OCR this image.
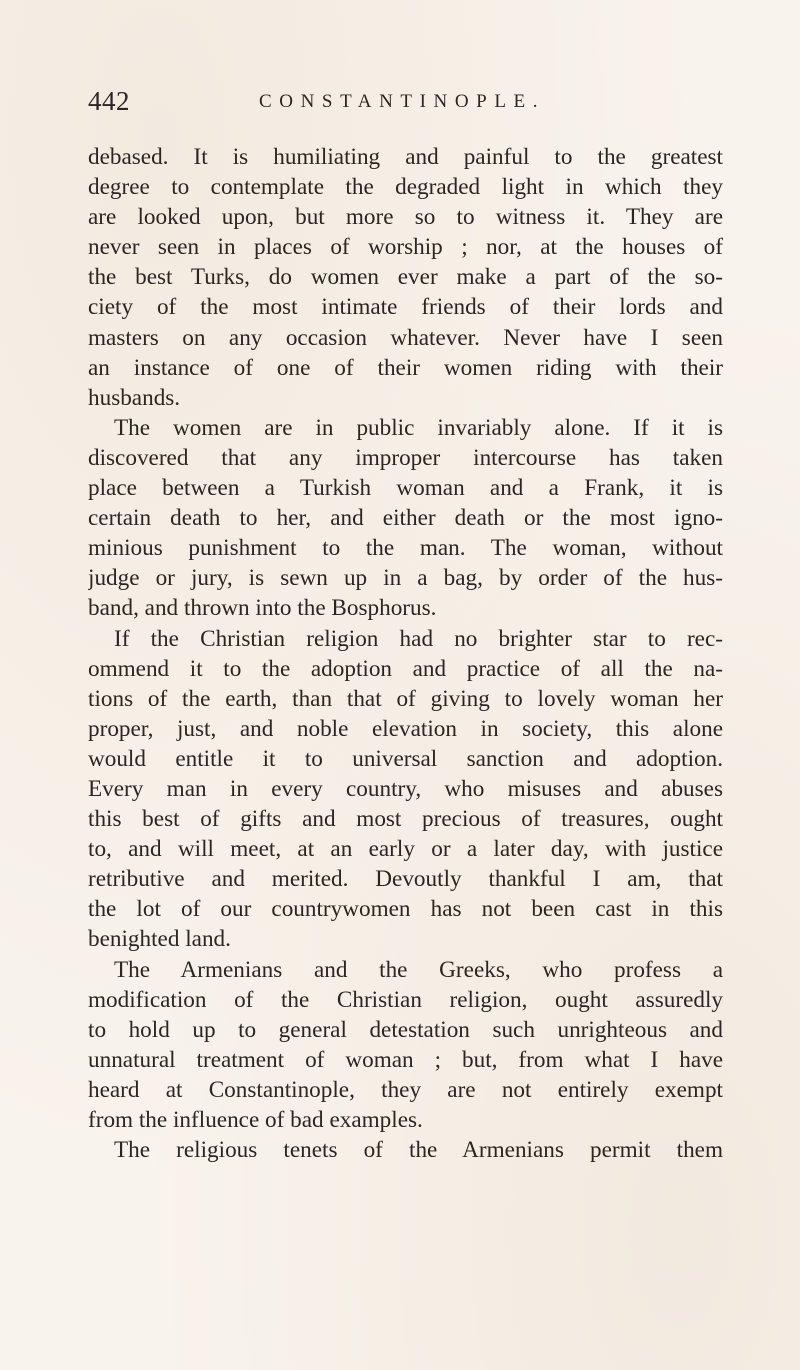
442	CONSTANTINOPLE.
debased. It is humiliating and painful to the greatest
degree to contemplate the degraded light in which they
are looked upon, but more so to witness it. They are
never seen in places of worship ; nor, at the houses of
the best Turks, do women ever make a part of the so-
ciety of the most intimate friends of their lords and
masters on any occasion whatever. Never have I seen
an instance of one of their women riding with their
husbands.
The women are in public invariably alone. If it is
discovered that any improper intercourse has taken
place between a Turkish woman and a Frank, it is
certain death to her, and either death or the most igno-
minious punishment to the man. The woman, without
judge or jury, is sewn up in a bag, by order of the hus-
band, and thrown into the Bosphorus.
If the Christian religion had no brighter star to rec-
ommend it to the adoption and practice of all the na-
tions of the earth, than that of giving to lovely woman her
proper, just, and noble elevation in society, this alone
would entitle it to universal sanction and adoption.
Every man in every country, who misuses and abuses
this best of gifts and most precious of treasures, ought
to, and will meet, at an early or a later day, with justice
retributive and merited. Devoutly thankful I am, that
the lot of our countrywomen has not been cast in this
benighted land.
The Armenians and the Greeks, who profess a
modification of the Christian religion, ought assuredly
to hold up to general detestation such unrighteous and
unnatural treatment of woman ; but, from what I have
heard at Constantinople, they are not entirely exempt
from the influence of bad examples.
The religious tenets of the Armenians permit them
